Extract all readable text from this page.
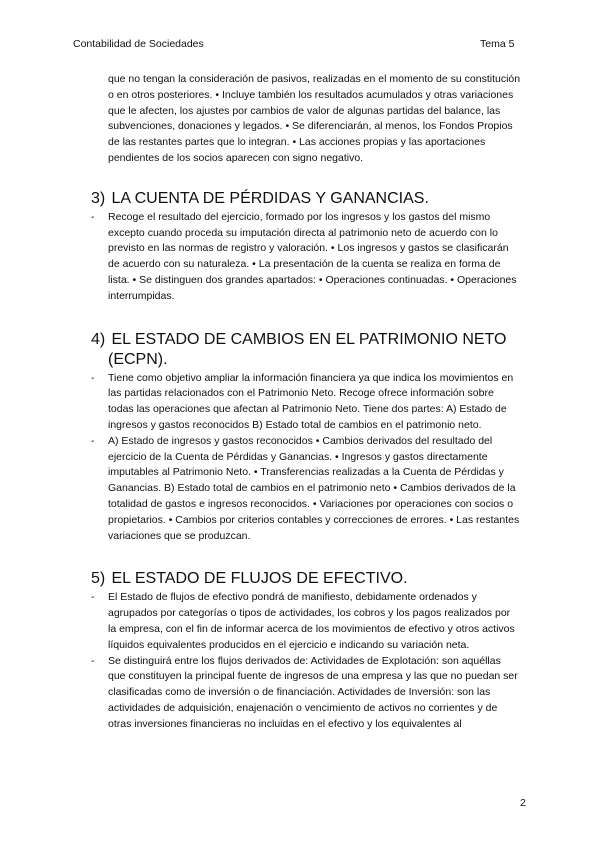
Contabilidad de Sociedades	Tema 5

que no tengan la consideración de pasivos, realizadas en el momento de su constitución o en otros posteriores. • Incluye también los resultados acumulados y otras variaciones que le afecten, los ajustes por cambios de valor de algunas partidas del balance, las subvenciones, donaciones y legados. • Se diferenciarán, al menos, los Fondos Propios de las restantes partes que lo integran. • Las acciones propias y las aportaciones pendientes de los socios aparecen con signo negativo.

3) LA CUENTA DE PÉRDIDAS Y GANANCIAS.
- Recoge el resultado del ejercicio, formado por los ingresos y los gastos del mismo excepto cuando proceda su imputación directa al patrimonio neto de acuerdo con lo previsto en las normas de registro y valoración. • Los ingresos y gastos se clasificarán de acuerdo con su naturaleza. • La presentación de la cuenta se realiza en forma de lista. • Se distinguen dos grandes apartados: • Operaciones continuadas. • Operaciones interrumpidas.
4) EL ESTADO DE CAMBIOS EN EL PATRIMONIO NETO
(ECPN).
- Tiene como objetivo ampliar la información financiera ya que indica los movimientos en las partidas relacionados con el Patrimonio Neto. Recoge ofrece información sobre todas las operaciones que afectan al Patrimonio Neto. Tiene dos partes: A) Estado de ingresos y gastos reconocidos B) Estado total de cambios en el patrimonio neto.
- A) Estado de ingresos y gastos reconocidos • Cambios derivados del resultado del ejercicio de la Cuenta de Pérdidas y Ganancias. • Ingresos y gastos directamente imputables al Patrimonio Neto. • Transferencias realizadas a la Cuenta de Pérdidas y Ganancias. B) Estado total de cambios en el patrimonio neto • Cambios derivados de la totalidad de gastos e ingresos reconocidos. • Variaciones por operaciones con socios o propietarios. • Cambios por criterios contables y correcciones de errores. • Las restantes variaciones que se produzcan.
5) EL ESTADO DE FLUJOS DE EFECTIVO.
- El Estado de flujos de efectivo pondrá de manifiesto, debidamente ordenados y agrupados por categorías o tipos de actividades, los cobros y los pagos realizados por la empresa, con el fin de informar acerca de los movimientos de efectivo y otros activos líquidos equivalentes producidos en el ejercicio e indicando su variación neta.
- Se distinguirá entre los flujos derivados de: Actividades de Explotación: son aquéllas que constituyen la principal fuente de ingresos de una empresa y las que no puedan ser clasificadas como de inversión o de financiación. Actividades de Inversión: son las actividades de adquisición, enajenación o vencimiento de activos no corrientes y de otras inversiones financieras no incluidas en el efectivo y los equivalentes al
2
